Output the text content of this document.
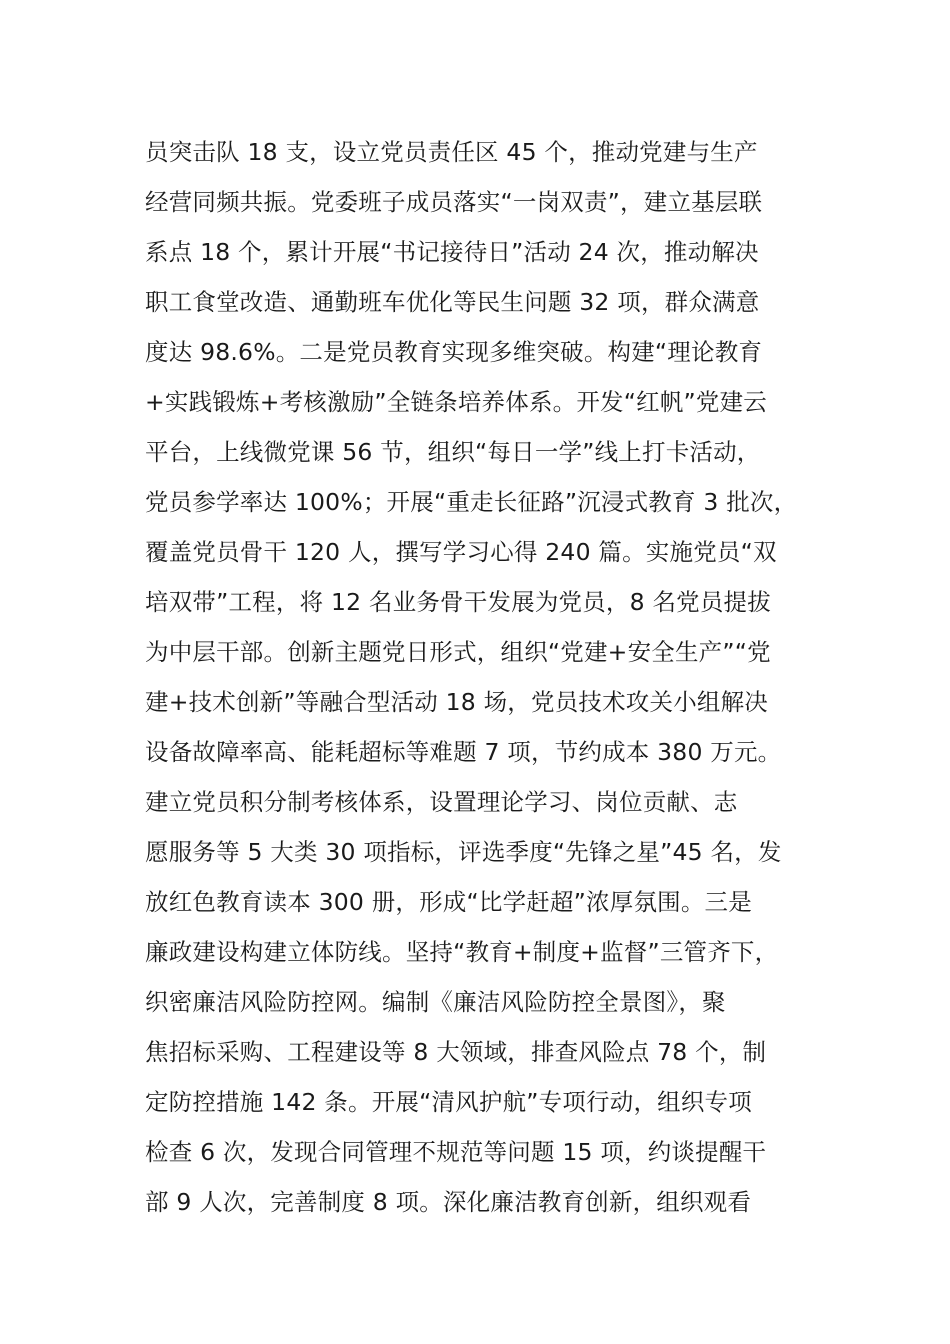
员突击队 18 支，设立党员责任区 45 个，推动党建与生产
经营同频共振。党委班子成员落实“一岗双责”，建立基层联
系点 18 个，累计开展“书记接待日”活动 24 次，推动解决
职工食堂改造、通勤班车优化等民生问题 32 项，群众满意
度达 98.6%。二是党员教育实现多维突破。构建“理论教育
+实践锻炼+考核激励”全链条培养体系。开发“红帆”党建云
平台，上线微党课 56 节，组织“每日一学”线上打卡活动，
党员参学率达 100%；开展“重走长征路”沉浸式教育 3 批次，
覆盖党员骨干 120 人，撰写学习心得 240 篇。实施党员“双
培双带”工程，将 12 名业务骨干发展为党员，8 名党员提拔
为中层干部。创新主题党日形式，组织“党建+安全生产”“党
建+技术创新”等融合型活动 18 场，党员技术攻关小组解决
设备故障率高、能耗超标等难题 7 项，节约成本 380 万元。
建立党员积分制考核体系，设置理论学习、岗位贡献、志
愿服务等 5 大类 30 项指标，评选季度“先锋之星”45 名，发
放红色教育读本 300 册，形成“比学赶超”浓厚氛围。三是
廉政建设构建立体防线。坚持“教育+制度+监督”三管齐下，
织密廉洁风险防控网。编制《廉洁风险防控全景图》，聚
焦招标采购、工程建设等 8 大领域，排查风险点 78 个，制
定防控措施 142 条。开展“清风护航”专项行动，组织专项
检查 6 次，发现合同管理不规范等问题 15 项，约谈提醒干
部 9 人次，完善制度 8 项。深化廉洁教育创新，组织观看
